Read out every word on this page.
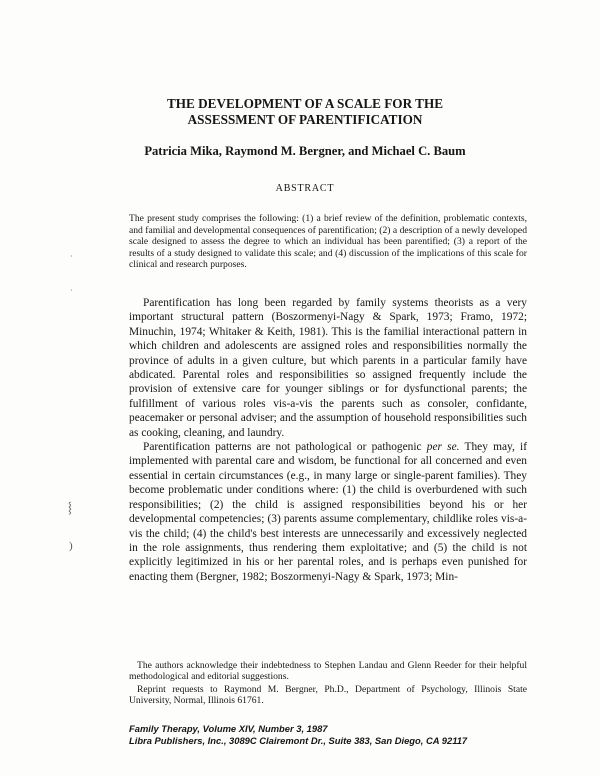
THE DEVELOPMENT OF A SCALE FOR THE
ASSESSMENT OF PARENTIFICATION
Patricia Mika, Raymond M. Bergner, and Michael C. Baum
ABSTRACT

The present study comprises the following: (1) a brief review of the definition, problematic contexts, and familial and developmental consequences of parentification; (2) a description of a newly developed scale designed to assess the degree to which an individual has been parentified; (3) a report of the results of a study designed to validate this scale; and (4) discussion of the implications of this scale for clinical and research purposes.

Parentification has long been regarded by family systems theorists as a very important structural pattern (Boszormenyi-Nagy & Spark, 1973; Framo, 1972; Minuchin, 1974; Whitaker & Keith, 1981). This is the familial interactional pattern in which children and adolescents are assigned roles and responsibilities normally the province of adults in a given culture, but which parents in a particular family have abdicated. Parental roles and responsibilities so assigned frequently include the provision of extensive care for younger siblings or for dysfunctional parents; the fulfillment of various roles vis-a-vis the parents such as consoler, confidante, peacemaker or personal adviser; and the assumption of household responsibilities such as cooking, cleaning, and laundry.

Parentification patterns are not pathological or pathogenic per se. They may, if implemented with parental care and wisdom, be functional for all concerned and even essential in certain circumstances (e.g., in many large or single-parent families). They become problematic under conditions where: (1) the child is overburdened with such responsibilities; (2) the child is assigned responsibilities beyond his or her developmental competencies; (3) parents assume complementary, childlike roles vis-a-vis the child; (4) the child's best interests are unnecessarily and excessively neglected in the role assignments, thus rendering them exploitative; and (5) the child is not explicitly legitimized in his or her parental roles, and is perhaps even punished for enacting them (Bergner, 1982; Boszormenyi-Nagy & Spark, 1973; Min-

The authors acknowledge their indebtedness to Stephen Landau and Glenn Reeder for their helpful methodological and editorial suggestions.

Reprint requests to Raymond M. Bergner, Ph.D., Department of Psychology, Illinois State University, Normal, Illinois 61761.

Family Therapy, Volume XIV, Number 3, 1987
Libra Publishers, Inc., 3089C Clairemont Dr., Suite 383, San Diego, CA 92117
·
·
⸾
)
